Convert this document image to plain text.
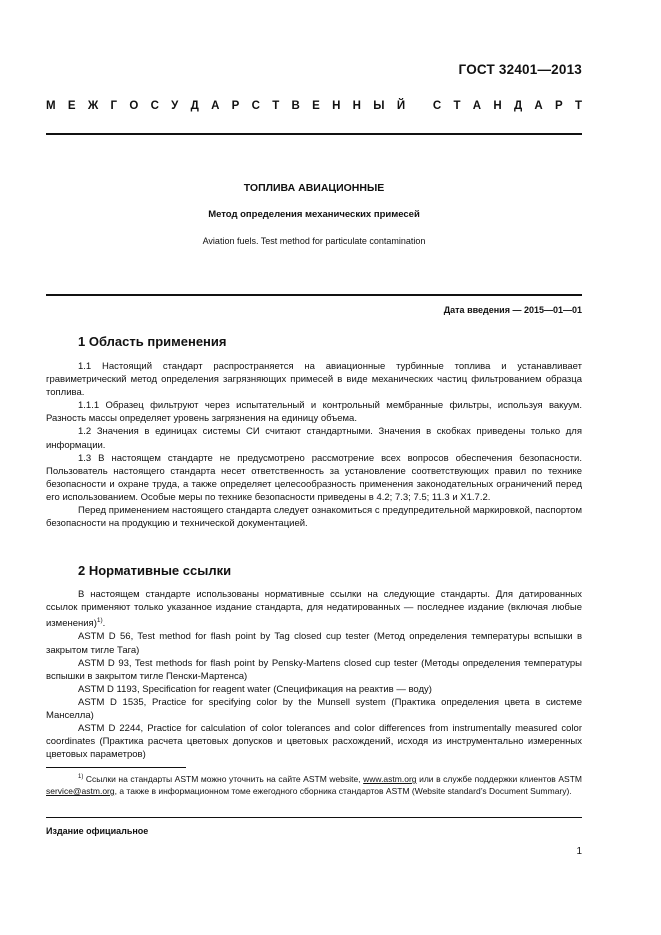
ГОСТ 32401—2013
М Е Ж Г О С У Д А Р С Т В Е Н Н Ы Й
С Т А Н Д А Р Т
ТОПЛИВА АВИАЦИОННЫЕ
Метод определения механических примесей
Aviation fuels. Test method for particulate contamination
Дата введения — 2015—01—01
1 Область применения

1.1 Настоящий стандарт распространяется на авиационные турбинные топлива и устанавливает гравиметрический метод определения загрязняющих примесей в виде механических частиц фильтрованием образца топлива.

1.1.1 Образец фильтруют через испытательный и контрольный мембранные фильтры, используя вакуум. Разность массы определяет уровень загрязнения на единицу объема.

1.2 Значения в единицах системы СИ считают стандартными. Значения в скобках приведены только для информации.

1.3 В настоящем стандарте не предусмотрено рассмотрение всех вопросов обеспечения безопасности. Пользователь настоящего стандарта несет ответственность за установление соответствующих правил по технике безопасности и охране труда, а также определяет целесообразность применения законодательных ограничений перед его использованием. Особые меры по технике безопасности приведены в 4.2; 7.3; 7.5; 11.3 и X1.7.2.

Перед применением настоящего стандарта следует ознакомиться с предупредительной маркировкой, паспортом безопасности на продукцию и технической документацией.

2 Нормативные ссылки

В настоящем стандарте использованы нормативные ссылки на следующие стандарты. Для датированных ссылок применяют только указанное издание стандарта, для недатированных — последнее издание (включая любые изменения)$^{1)}$.

ASTM D 56, Test method for flash point by Tag closed cup tester (Метод определения температуры вспышки в закрытом тигле Тага)

ASTM D 93, Test methods for flash point by Pensky-Martens closed cup tester (Методы определения температуры вспышки в закрытом тигле Пенски-Мартенса)

ASTM D 1193, Specification for reagent water (Спецификация на реактив — воду)

ASTM D 1535, Practice for specifying color by the Munsell system (Практика определения цвета в системе Манселла)

ASTM D 2244, Practice for calculation of color tolerances and color differences from instrumentally measured color coordinates (Практика расчета цветовых допусков и цветовых расхождений, исходя из инструментально измеренных цветовых параметров)

$^{1)}$ Ссылки на стандарты ASTM можно уточнить на сайте ASTM website, www.astm.org или в службе поддержки клиентов ASTM service@astm.org, а также в информационном томе ежегодного сборника стандартов ASTM (Website standard’s Document Summary).

Издание официальное
1
